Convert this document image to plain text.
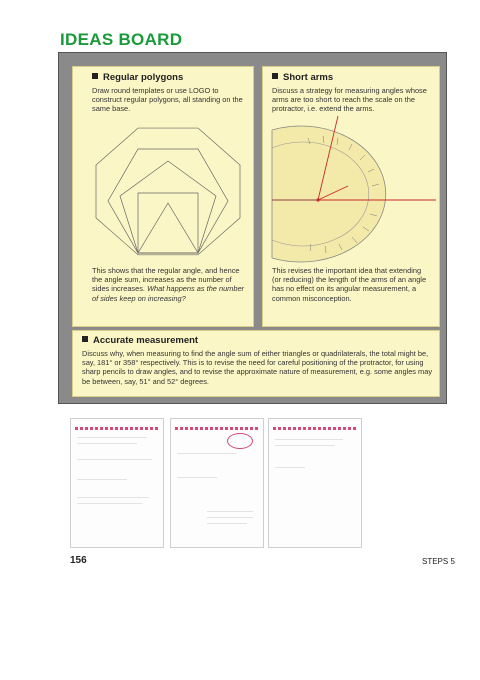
IDEAS BOARD
Regular polygons
Draw round templates or use LOGO to construct regular polygons, all standing on the same base.
This shows that the regular angle, and hence the angle sum, increases as the number of sides increases. What happens as the number of sides keep on increasing?
Short arms
Discuss a strategy for measuring angles whose arms are too short to reach the scale on the protractor, i.e. extend the arms.
This revises the important idea that extending (or reducing) the length of the arms of an angle has no effect on its angular measurement, a common misconception.
Accurate measurement
Discuss why, when measuring to find the angle sum of either triangles or quadrilaterals, the total might be, say, 181° or 358° respectively. This is to revise the need for careful positioning of the protractor, for using sharp pencils to draw angles, and to revise the approximate nature of measurement, e.g. some angles may be between, say, 51° and 52° degrees.
156	STEPS 5
